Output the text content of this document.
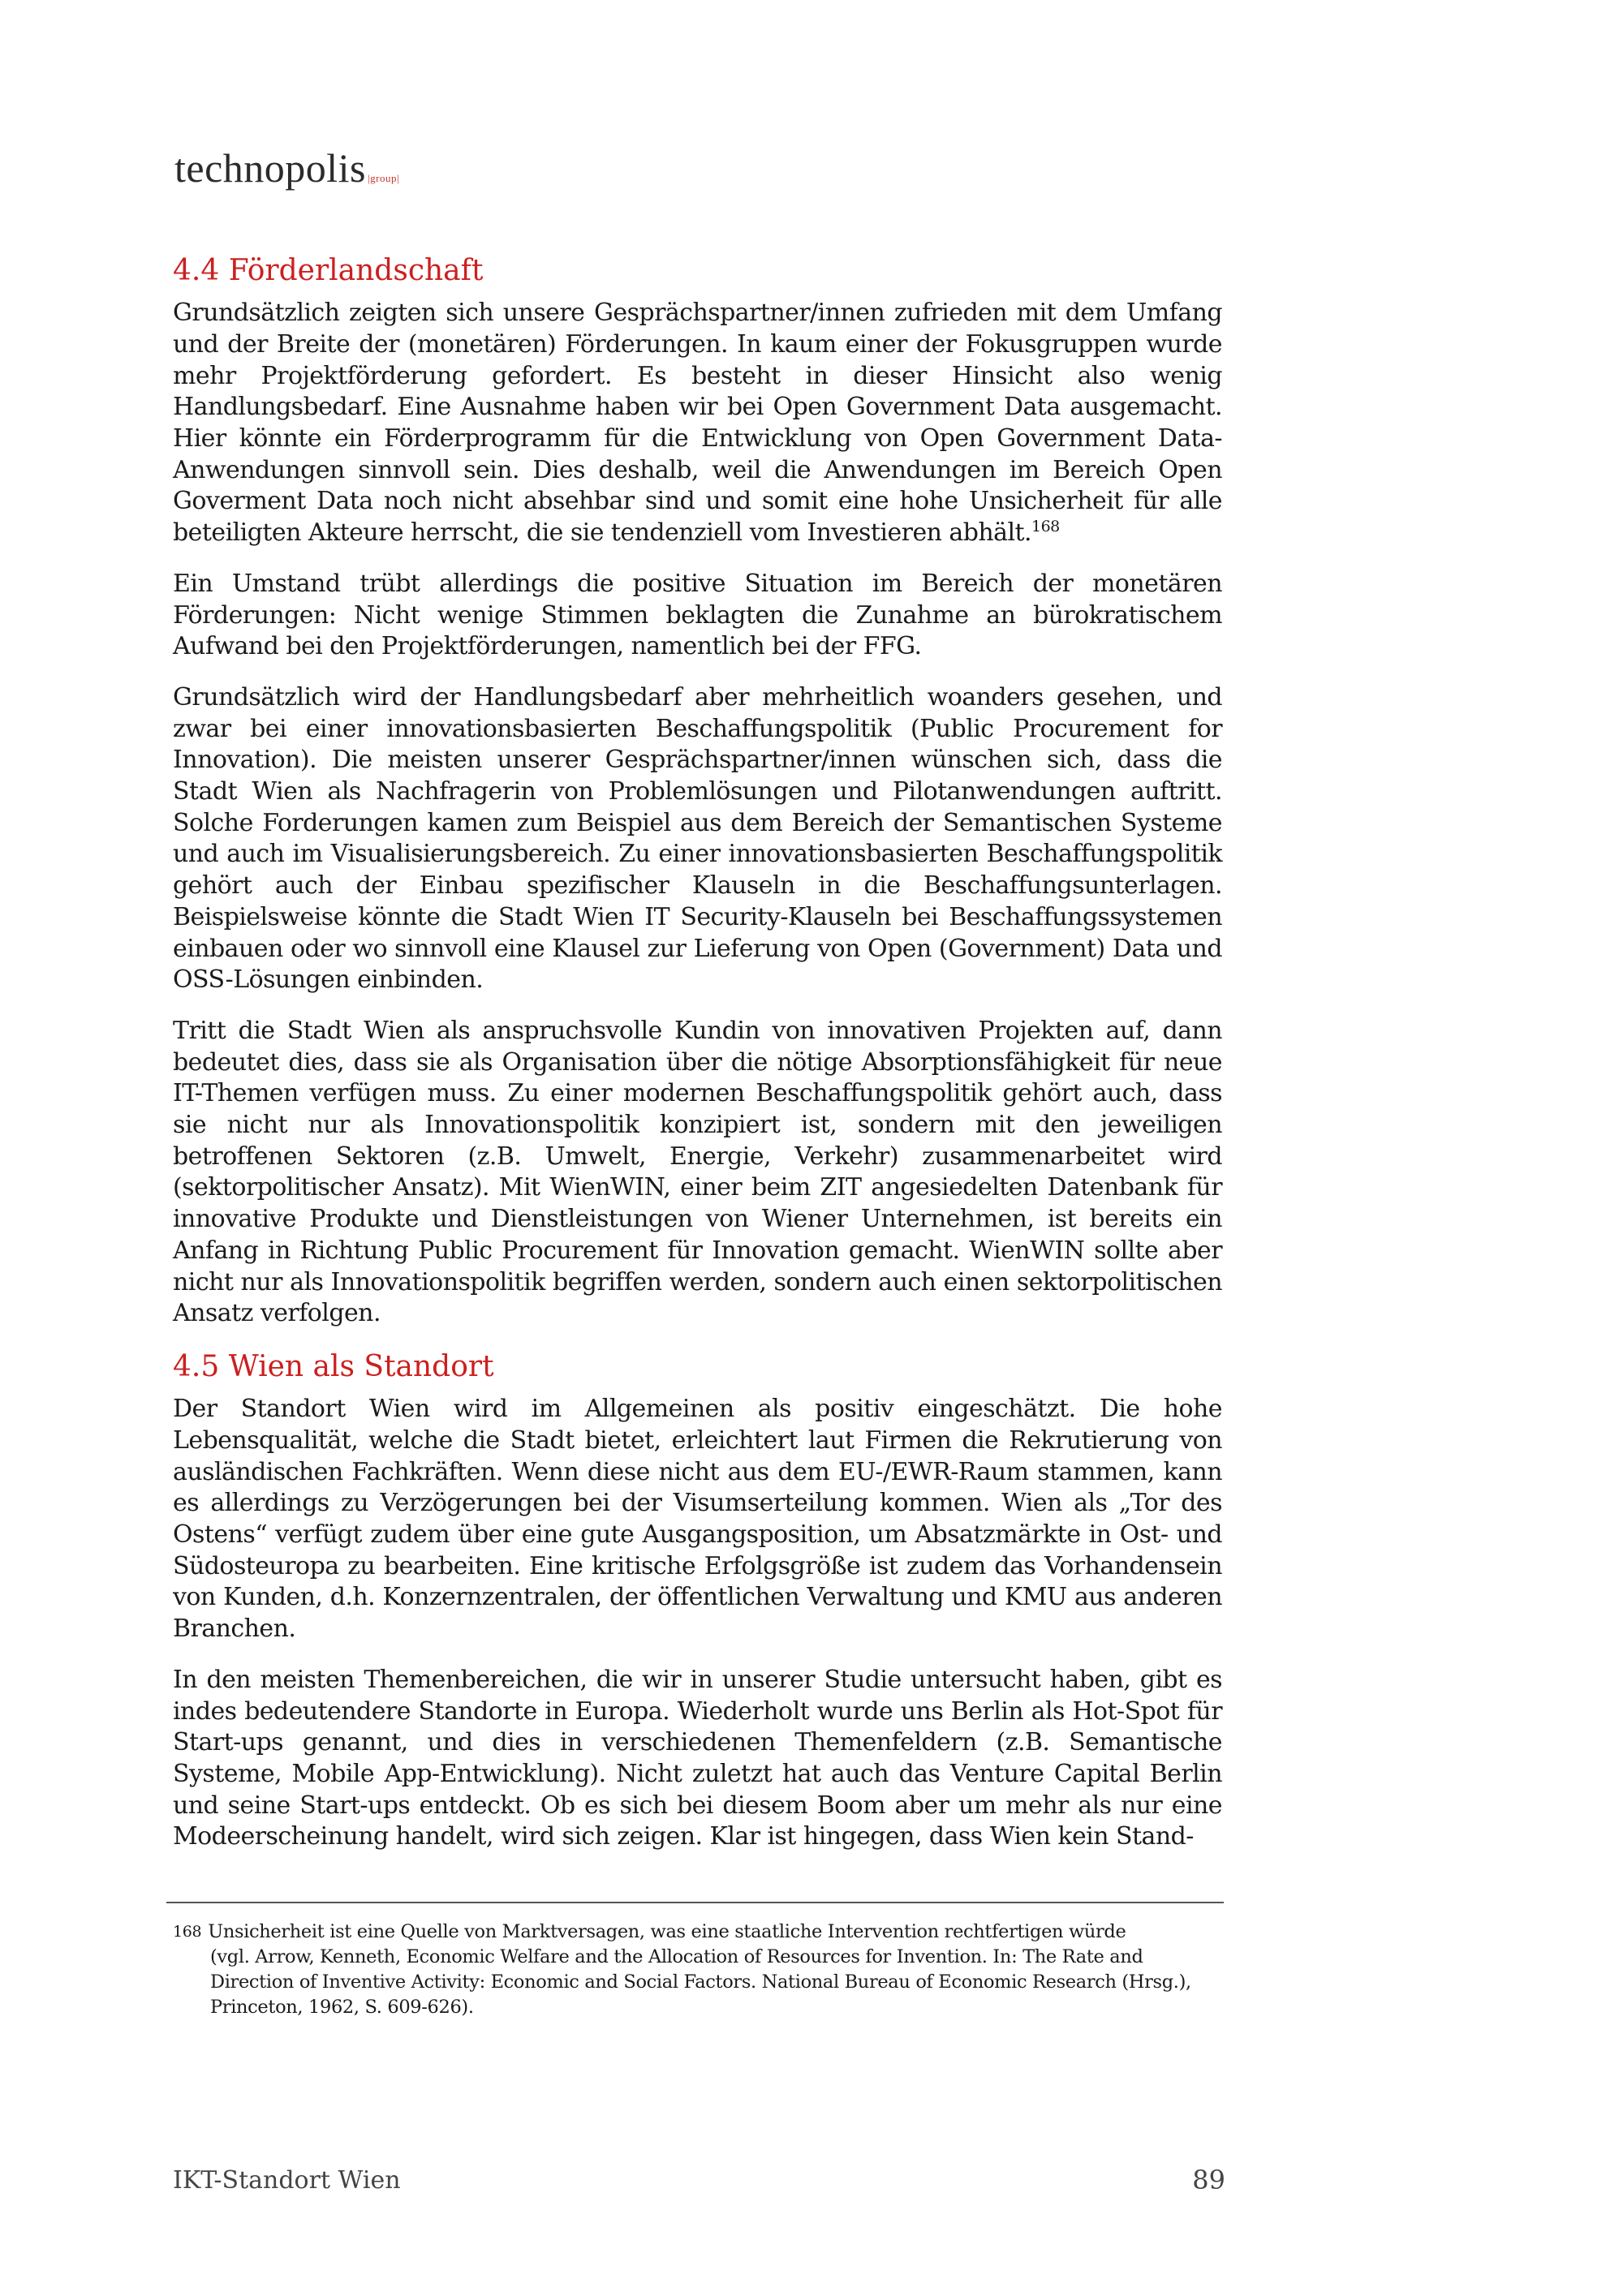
technopolis |group|
4.4 Förderlandschaft

Grundsätzlich zeigten sich unsere Gesprächspartner/innen zufrieden mit dem Umfang und der Breite der (monetären) Förderungen. In kaum einer der Fokusgruppen wurde mehr Projektförderung gefordert. Es besteht in dieser Hinsicht also wenig Handlungsbedarf. Eine Ausnahme haben wir bei Open Government Data ausgemacht. Hier könnte ein Förderprogramm für die Entwicklung von Open Government Data-Anwendungen sinnvoll sein. Dies deshalb, weil die Anwendungen im Bereich Open Goverment Data noch nicht absehbar sind und somit eine hohe Unsicherheit für alle beteiligten Akteure herrscht, die sie tendenziell vom Investieren abhält.$^{168}$

Ein Umstand trübt allerdings die positive Situation im Bereich der monetären Förderungen: Nicht wenige Stimmen beklagten die Zunahme an bürokratischem Aufwand bei den Projektförderungen, namentlich bei der FFG.

Grundsätzlich wird der Handlungsbedarf aber mehrheitlich woanders gesehen, und zwar bei einer innovationsbasierten Beschaffungspolitik (Public Procurement for Innovation). Die meisten unserer Gesprächspartner/innen wünschen sich, dass die Stadt Wien als Nachfragerin von Problemlösungen und Pilotanwendungen auftritt. Solche Forderungen kamen zum Beispiel aus dem Bereich der Semantischen Systeme und auch im Visualisierungsbereich. Zu einer innovationsbasierten Beschaffungspolitik gehört auch der Einbau spezifischer Klauseln in die Beschaffungsunterlagen. Beispielsweise könnte die Stadt Wien IT Security-Klauseln bei Beschaffungssystemen einbauen oder wo sinnvoll eine Klausel zur Lieferung von Open (Government) Data und OSS-Lösungen einbinden.

Tritt die Stadt Wien als anspruchsvolle Kundin von innovativen Projekten auf, dann bedeutet dies, dass sie als Organisation über die nötige Absorptionsfähigkeit für neue IT-Themen verfügen muss. Zu einer modernen Beschaffungspolitik gehört auch, dass sie nicht nur als Innovationspolitik konzipiert ist, sondern mit den jeweiligen betroffenen Sektoren (z.B. Umwelt, Energie, Verkehr) zusammenarbeitet wird (sektorpolitischer Ansatz). Mit WienWIN, einer beim ZIT angesiedelten Datenbank für innovative Produkte und Dienstleistungen von Wiener Unternehmen, ist bereits ein Anfang in Richtung Public Procurement für Innovation gemacht. WienWIN sollte aber nicht nur als Innovationspolitik begriffen werden, sondern auch einen sektorpolitischen Ansatz verfolgen.

4.5 Wien als Standort

Der Standort Wien wird im Allgemeinen als positiv eingeschätzt. Die hohe Lebensqualität, welche die Stadt bietet, erleichtert laut Firmen die Rekrutierung von ausländischen Fachkräften. Wenn diese nicht aus dem EU-/EWR-Raum stammen, kann es allerdings zu Verzögerungen bei der Visumserteilung kommen. Wien als „Tor des Ostens“ verfügt zudem über eine gute Ausgangsposition, um Absatzmärkte in Ost- und Südosteuropa zu bearbeiten. Eine kritische Erfolgsgröße ist zudem das Vorhandensein von Kunden, d.h. Konzernzentralen, der öffentlichen Verwaltung und KMU aus anderen Branchen.

In den meisten Themenbereichen, die wir in unserer Studie untersucht haben, gibt es indes bedeutendere Standorte in Europa. Wiederholt wurde uns Berlin als Hot-Spot für Start-ups genannt, und dies in verschiedenen Themenfeldern (z.B. Semantische Systeme, Mobile App-Entwicklung). Nicht zuletzt hat auch das Venture Capital Berlin und seine Start-ups entdeckt. Ob es sich bei diesem Boom aber um mehr als nur eine Modeerscheinung handelt, wird sich zeigen. Klar ist hingegen, dass Wien kein Stand-

$^{168}$ Unsicherheit ist eine Quelle von Marktversagen, was eine staatliche Intervention rechtfertigen würde
(vgl. Arrow, Kenneth, Economic Welfare and the Allocation of Resources for Invention. In: The Rate and Direction of Inventive Activity: Economic and Social Factors. National Bureau of Economic Research (Hrsg.), Princeton, 1962, S. 609-626).
IKT-Standort Wien	89
